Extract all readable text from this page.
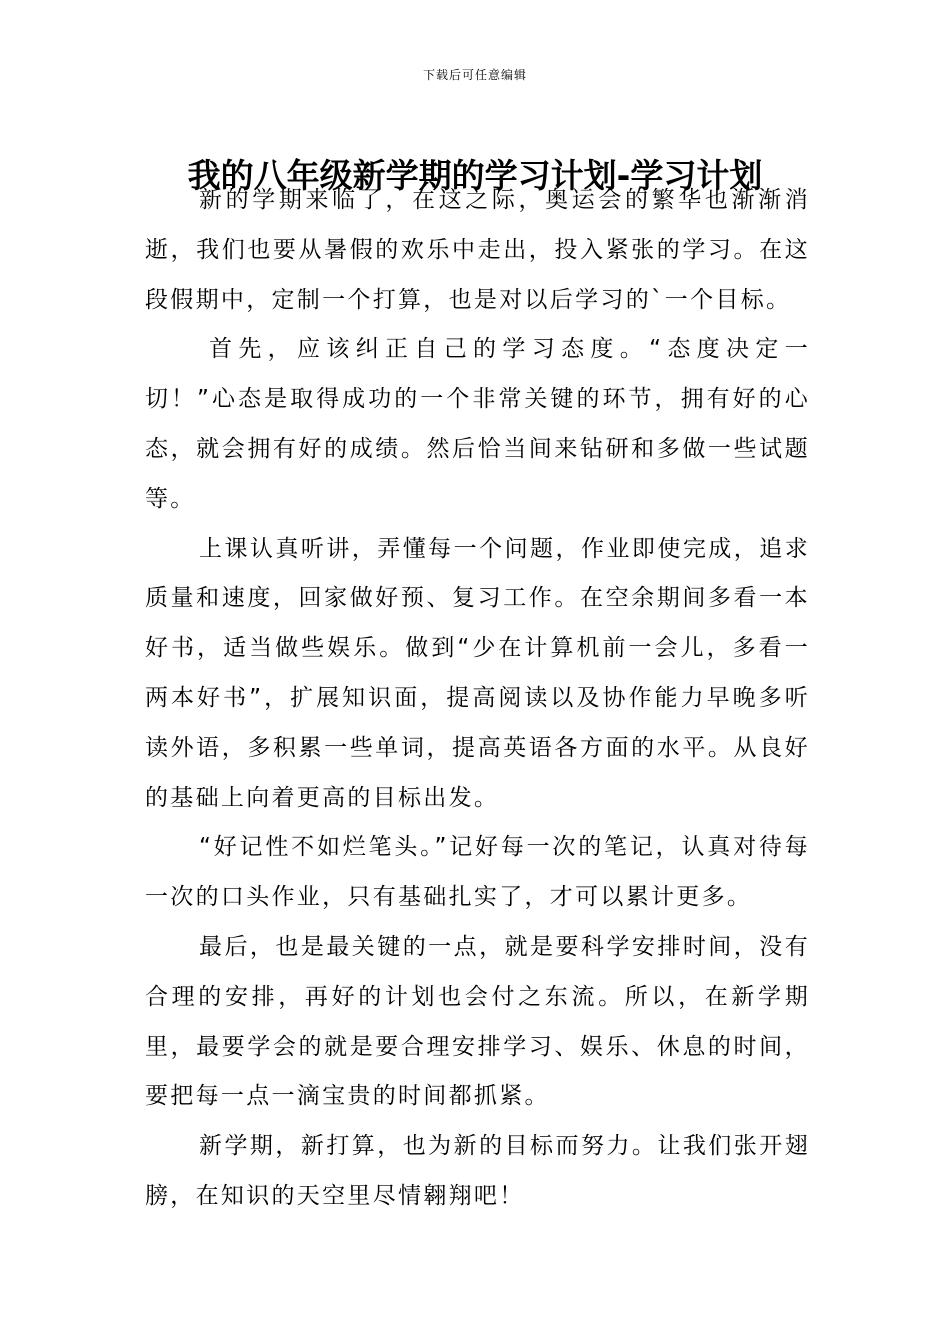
下载后可任意编辑
我的八年级新学期的学习计划-学习计划

新的学期来临了，在这之际，奥运会的繁华也渐渐消逝，我们也要从暑假的欢乐中走出，投入紧张的学习。在这段假期中，定制一个打算，也是对以后学习的`一个目标。

首先，应该纠正自己的学习态度。“态度决定一切！”心态是取得成功的一个非常关键的环节，拥有好的心态，就会拥有好的成绩。然后恰当间来钻研和多做一些试题等。

上课认真听讲，弄懂每一个问题，作业即使完成，追求质量和速度，回家做好预、复习工作。在空余期间多看一本好书，适当做些娱乐。做到“少在计算机前一会儿，多看一两本好书”，扩展知识面，提高阅读以及协作能力早晚多听读外语，多积累一些单词，提高英语各方面的水平。从良好的基础上向着更高的目标出发。

“好记性不如烂笔头。”记好每一次的笔记，认真对待每一次的口头作业，只有基础扎实了，才可以累计更多。

最后，也是最关键的一点，就是要科学安排时间，没有合理的安排，再好的计划也会付之东流。所以，在新学期里，最要学会的就是要合理安排学习、娱乐、休息的时间，要把每一点一滴宝贵的时间都抓紧。

新学期，新打算，也为新的目标而努力。让我们张开翅膀，在知识的天空里尽情翱翔吧！
